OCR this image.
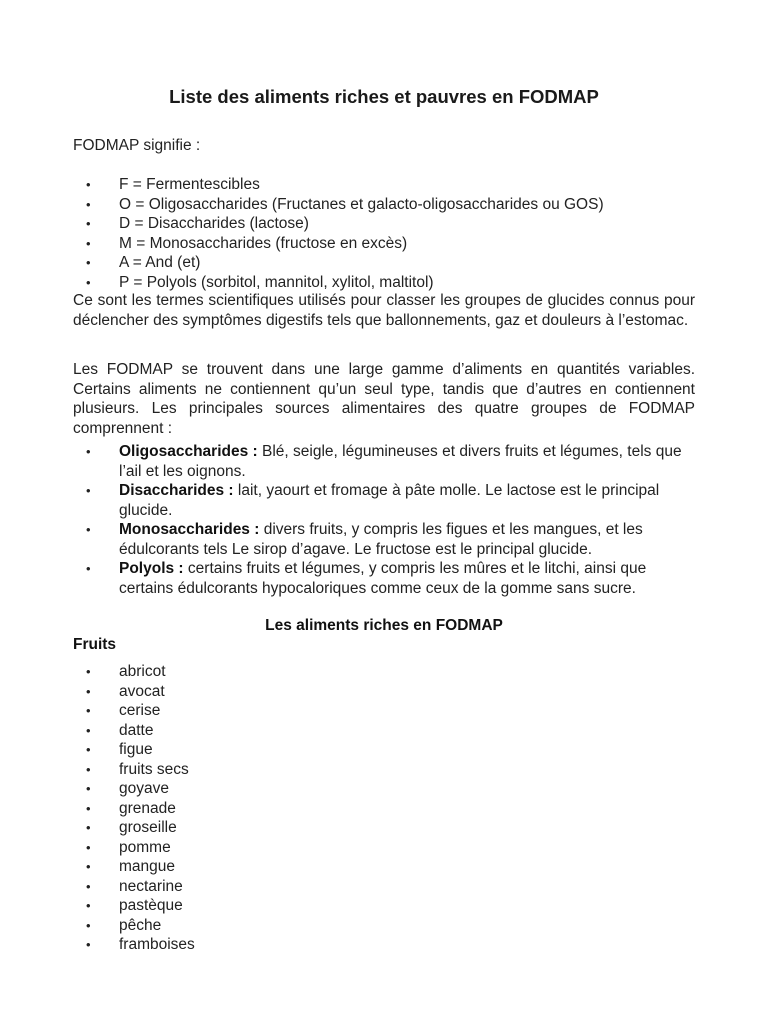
Liste des aliments riches et pauvres en FODMAP

FODMAP signifie :

• F = Fermentescibles
• O = Oligosaccharides (Fructanes et galacto-oligosaccharides ou GOS)
• D = Disaccharides (lactose)
• M = Monosaccharides (fructose en excès)
• A = And (et)
• P = Polyols (sorbitol, mannitol, xylitol, maltitol)

Ce sont les termes scientifiques utilisés pour classer les groupes de glucides connus pour déclencher des symptômes digestifs tels que ballonnements, gaz et douleurs à l’estomac.

Les FODMAP se trouvent dans une large gamme d’aliments en quantités variables. Certains aliments ne contiennent qu’un seul type, tandis que d’autres en contiennent plusieurs. Les principales sources alimentaires des quatre groupes de FODMAP comprennent :

• Oligosaccharides : Blé, seigle, légumineuses et divers fruits et légumes, tels que l’ail et les oignons.
• Disaccharides : lait, yaourt et fromage à pâte molle. Le lactose est le principal glucide.
• Monosaccharides : divers fruits, y compris les figues et les mangues, et les édulcorants tels Le sirop d’agave. Le fructose est le principal glucide.
• Polyols : certains fruits et légumes, y compris les mûres et le litchi, ainsi que certains édulcorants hypocaloriques comme ceux de la gomme sans sucre.
Les aliments riches en FODMAP
Fruits
• abricot
• avocat
• cerise
• datte
• figue
• fruits secs
• goyave
• grenade
• groseille
• pomme
• mangue
• nectarine
• pastèque
• pêche
• framboises
